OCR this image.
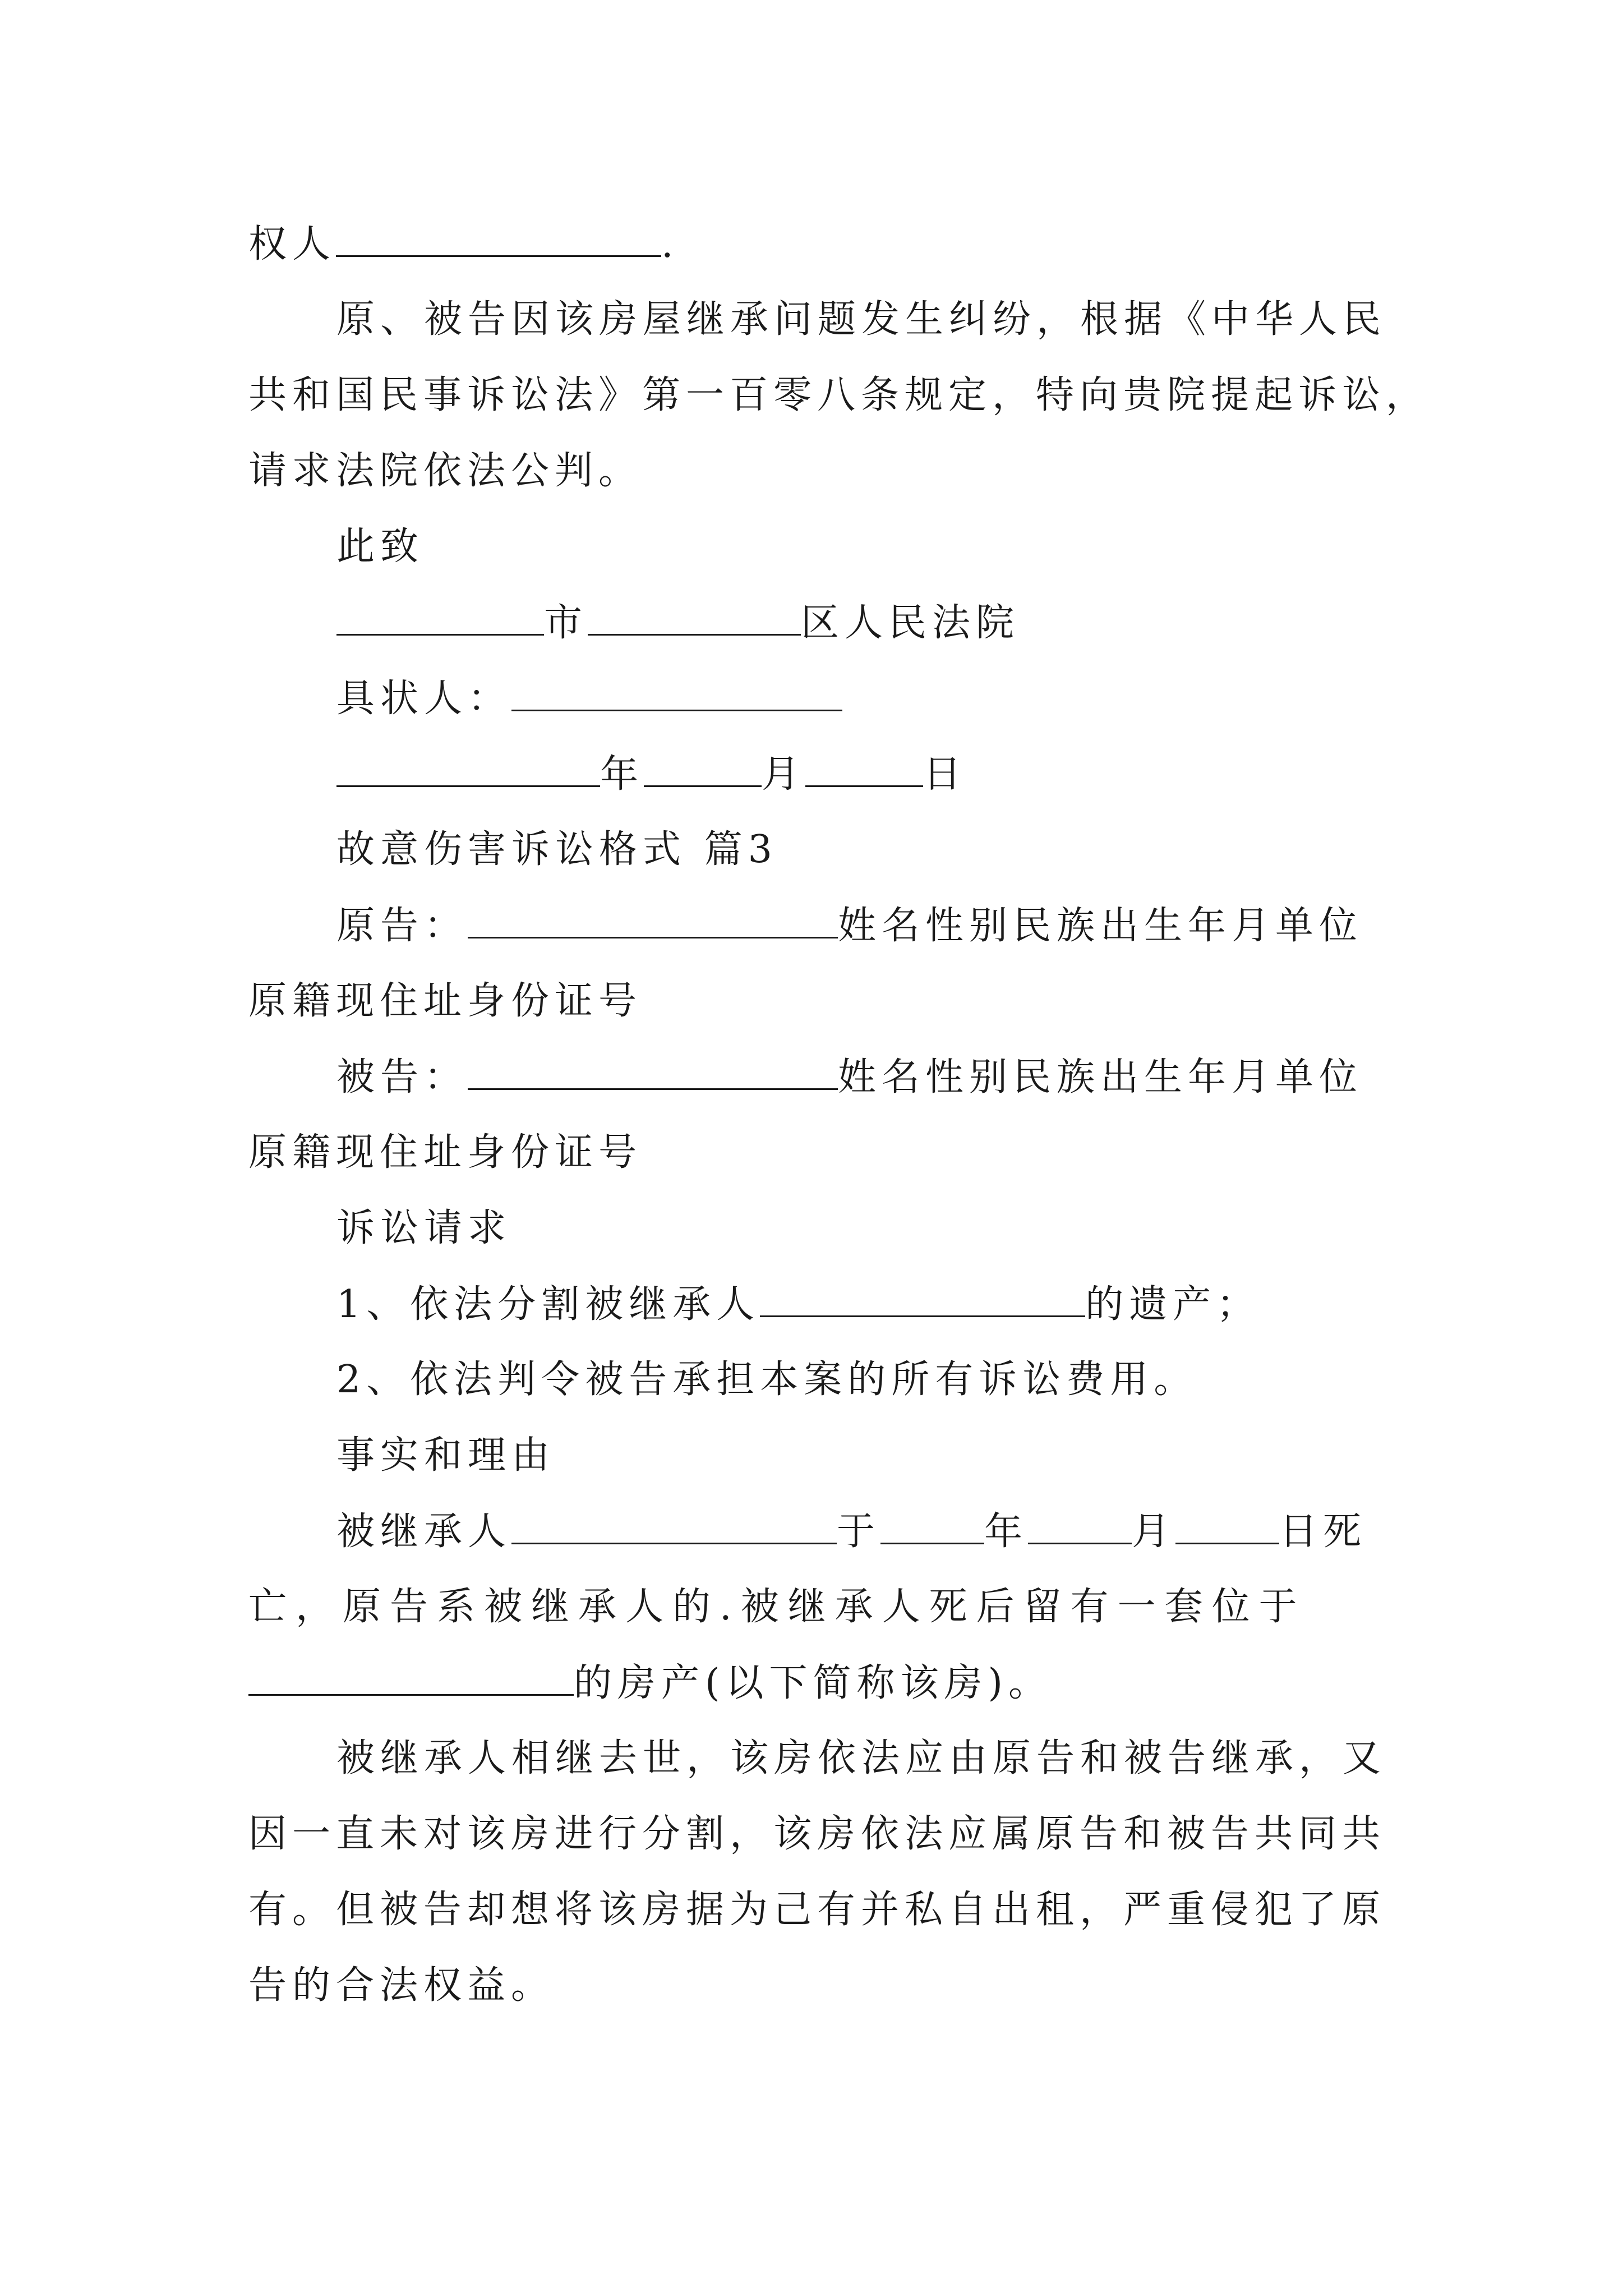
权人	.
原、被告因该房屋继承问题发生纠纷，根据《中华人民
共和国民事诉讼法》第一百零八条规定，特向贵院提起诉讼，
请求法院依法公判。
此致
市	区人民法院
具状人：
年	月	日
故意伤害诉讼格式 篇3
原告：	姓名性别民族出生年月单位
原籍现住址身份证号
被告：	姓名性别民族出生年月单位
原籍现住址身份证号
诉讼请求
1、依法分割被继承人	的遗产；
2、依法判令被告承担本案的所有诉讼费用。
事实和理由
被继承人	于	年	月	日死
亡，原告系被继承人的.被继承人死后留有一套位于
的房产(以下简称该房)。
被继承人相继去世，该房依法应由原告和被告继承，又
因一直未对该房进行分割，该房依法应属原告和被告共同共
有。但被告却想将该房据为己有并私自出租，严重侵犯了原
告的合法权益。
